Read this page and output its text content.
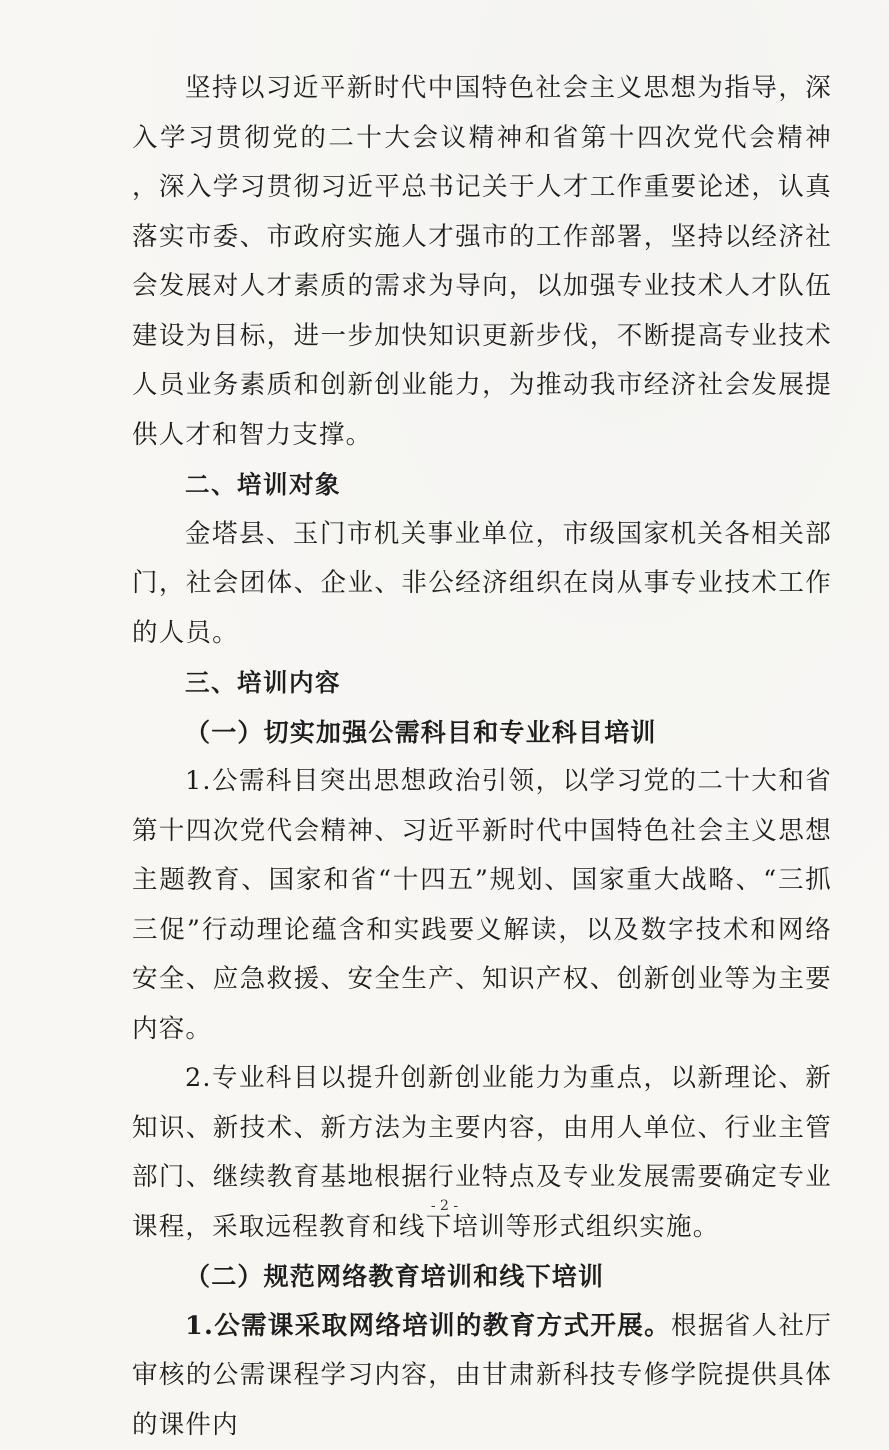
坚持以习近平新时代中国特色社会主义思想为指导，深入学习贯彻党的二十大会议精神和省第十四次党代会精神 ，深入学习贯彻习近平总书记关于人才工作重要论述，认真落实市委、市政府实施人才强市的工作部署，坚持以经济社会发展对人才素质的需求为导向，以加强专业技术人才队伍建设为目标，进一步加快知识更新步伐，不断提高专业技术人员业务素质和创新创业能力，为推动我市经济社会发展提供人才和智力支撑。

二、培训对象

金塔县、玉门市机关事业单位，市级国家机关各相关部门，社会团体、企业、非公经济组织在岗从事专业技术工作的人员。

三、培训内容

（一）切实加强公需科目和专业科目培训

1.公需科目突出思想政治引领，以学习党的二十大和省第十四次党代会精神、习近平新时代中国特色社会主义思想主题教育、国家和省“十四五”规划、国家重大战略、“三抓三促”行动理论蕴含和实践要义解读，以及数字技术和网络安全、应急救援、安全生产、知识产权、创新创业等为主要内容。

2.专业科目以提升创新创业能力为重点，以新理论、新知识、新技术、新方法为主要内容，由用人单位、行业主管部门、继续教育基地根据行业特点及专业发展需要确定专业课程，采取远程教育和线下培训等形式组织实施。

（二）规范网络教育培训和线下培训

1.公需课采取网络培训的教育方式开展。根据省人社厅审核的公需课程学习内容，由甘肃新科技专修学院提供具体的课件内

- 2 -
